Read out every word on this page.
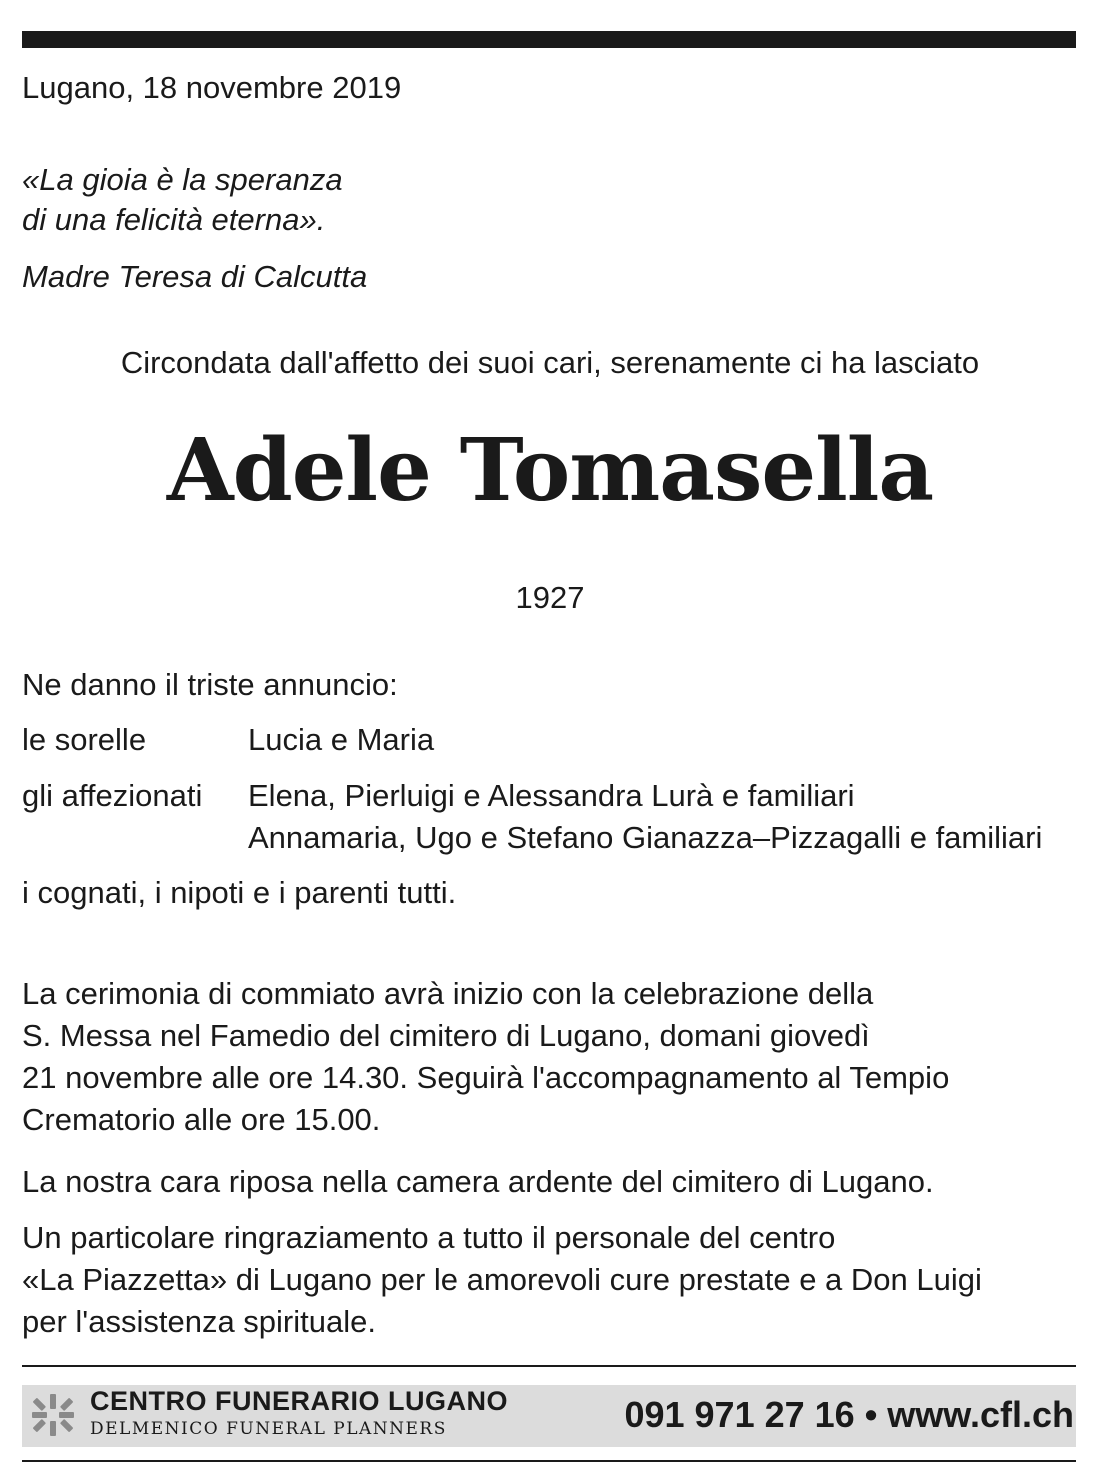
Lugano, 18 novembre 2019
«La gioia è la speranza
di una felicità eterna».
Madre Teresa di Calcutta
Circondata dall'affetto dei suoi cari, serenamente ci ha lasciato
Adele Tomasella
1927
Ne danno il triste annuncio:
le sorelle	Lucia e Maria
gli affezionati Elena, Pierluigi e Alessandra Lurà e familiari
Annamaria, Ugo e Stefano Gianazza–Pizzagalli e familiari
i cognati, i nipoti e i parenti tutti.
La cerimonia di commiato avrà inizio con la celebrazione della
S. Messa nel Famedio del cimitero di Lugano, domani giovedì
21 novembre alle ore 14.30. Seguirà l'accompagnamento al Tempio
Crematorio alle ore 15.00.
La nostra cara riposa nella camera ardente del cimitero di Lugano.
Un particolare ringraziamento a tutto il personale del centro
«La Piazzetta» di Lugano per le amorevoli cure prestate e a Don Luigi
per l'assistenza spirituale.
CENTRO FUNERARIO LUGANO
DELMENICO FUNERAL PLANNERS	091 971 27 16 • www.cfl.ch
